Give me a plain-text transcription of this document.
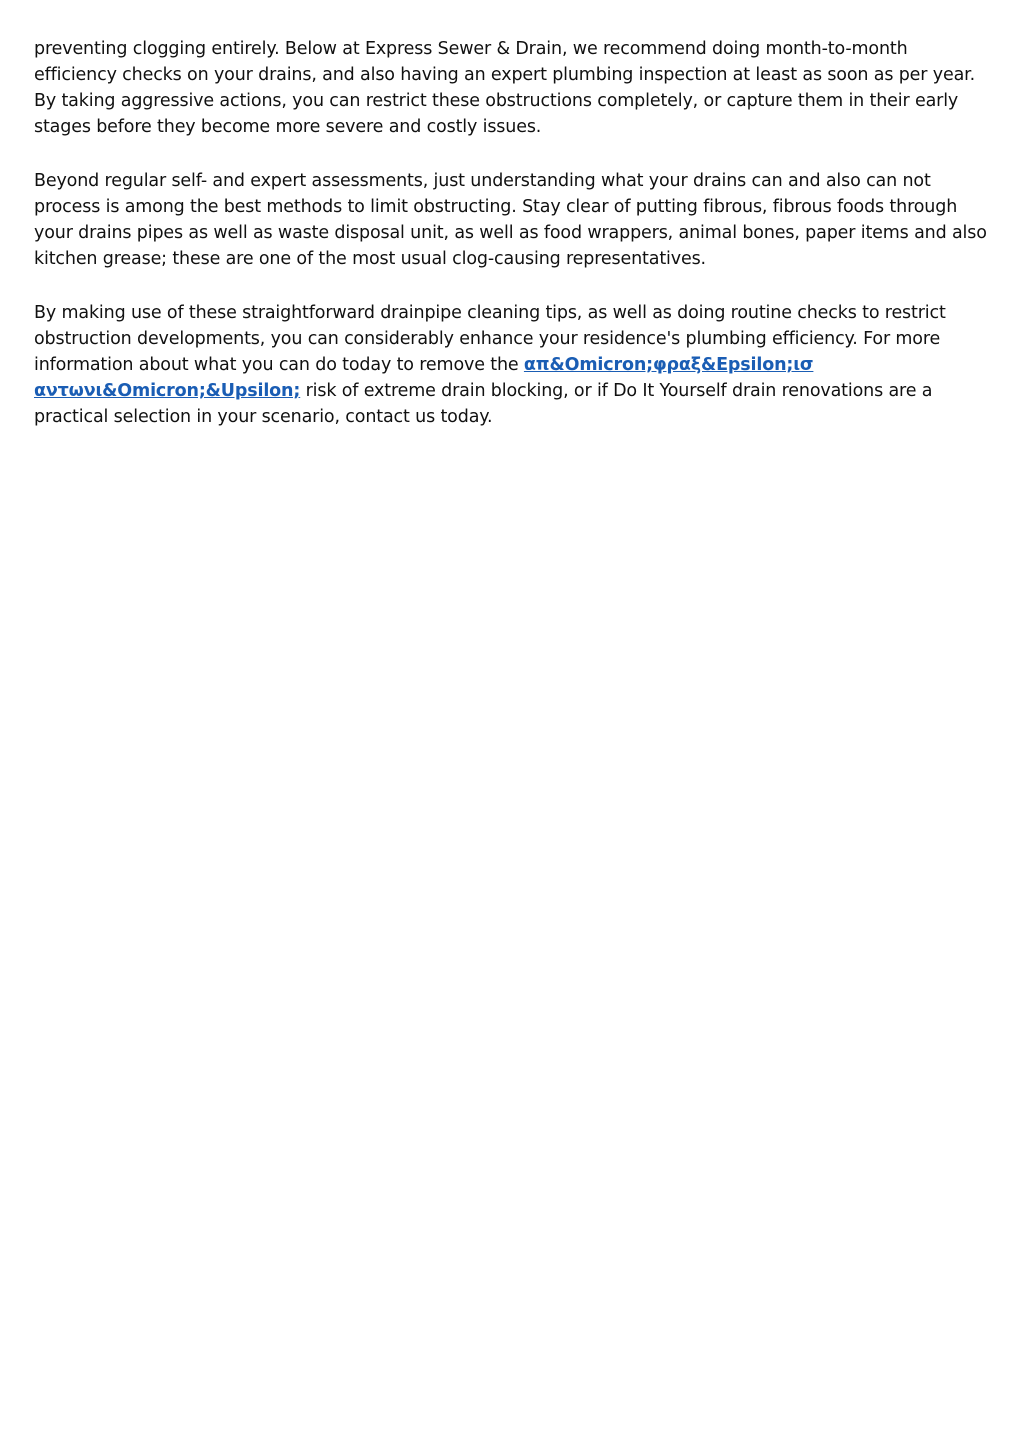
preventing clogging entirely. Below at Express Sewer & Drain, we recommend doing month-to-month efficiency checks on your drains, and also having an expert plumbing inspection at least as soon as per year. By taking aggressive actions, you can restrict these obstructions completely, or capture them in their early stages before they become more severe and costly issues.

Beyond regular self- and expert assessments, just understanding what your drains can and also can not process is among the best methods to limit obstructing. Stay clear of putting fibrous, fibrous foods through your drains pipes as well as waste disposal unit, as well as food wrappers, animal bones, paper items and also kitchen grease; these are one of the most usual clog-causing representatives.

By making use of these straightforward drainpipe cleaning tips, as well as doing routine checks to restrict obstruction developments, you can considerably enhance your residence's plumbing efficiency. For more information about what you can do today to remove the απ&Omicron;φραξ&Epsilon;ισ αντωνι&Omicron;&Upsilon; risk of extreme drain blocking, or if Do It Yourself drain renovations are a practical selection in your scenario, contact us today.
